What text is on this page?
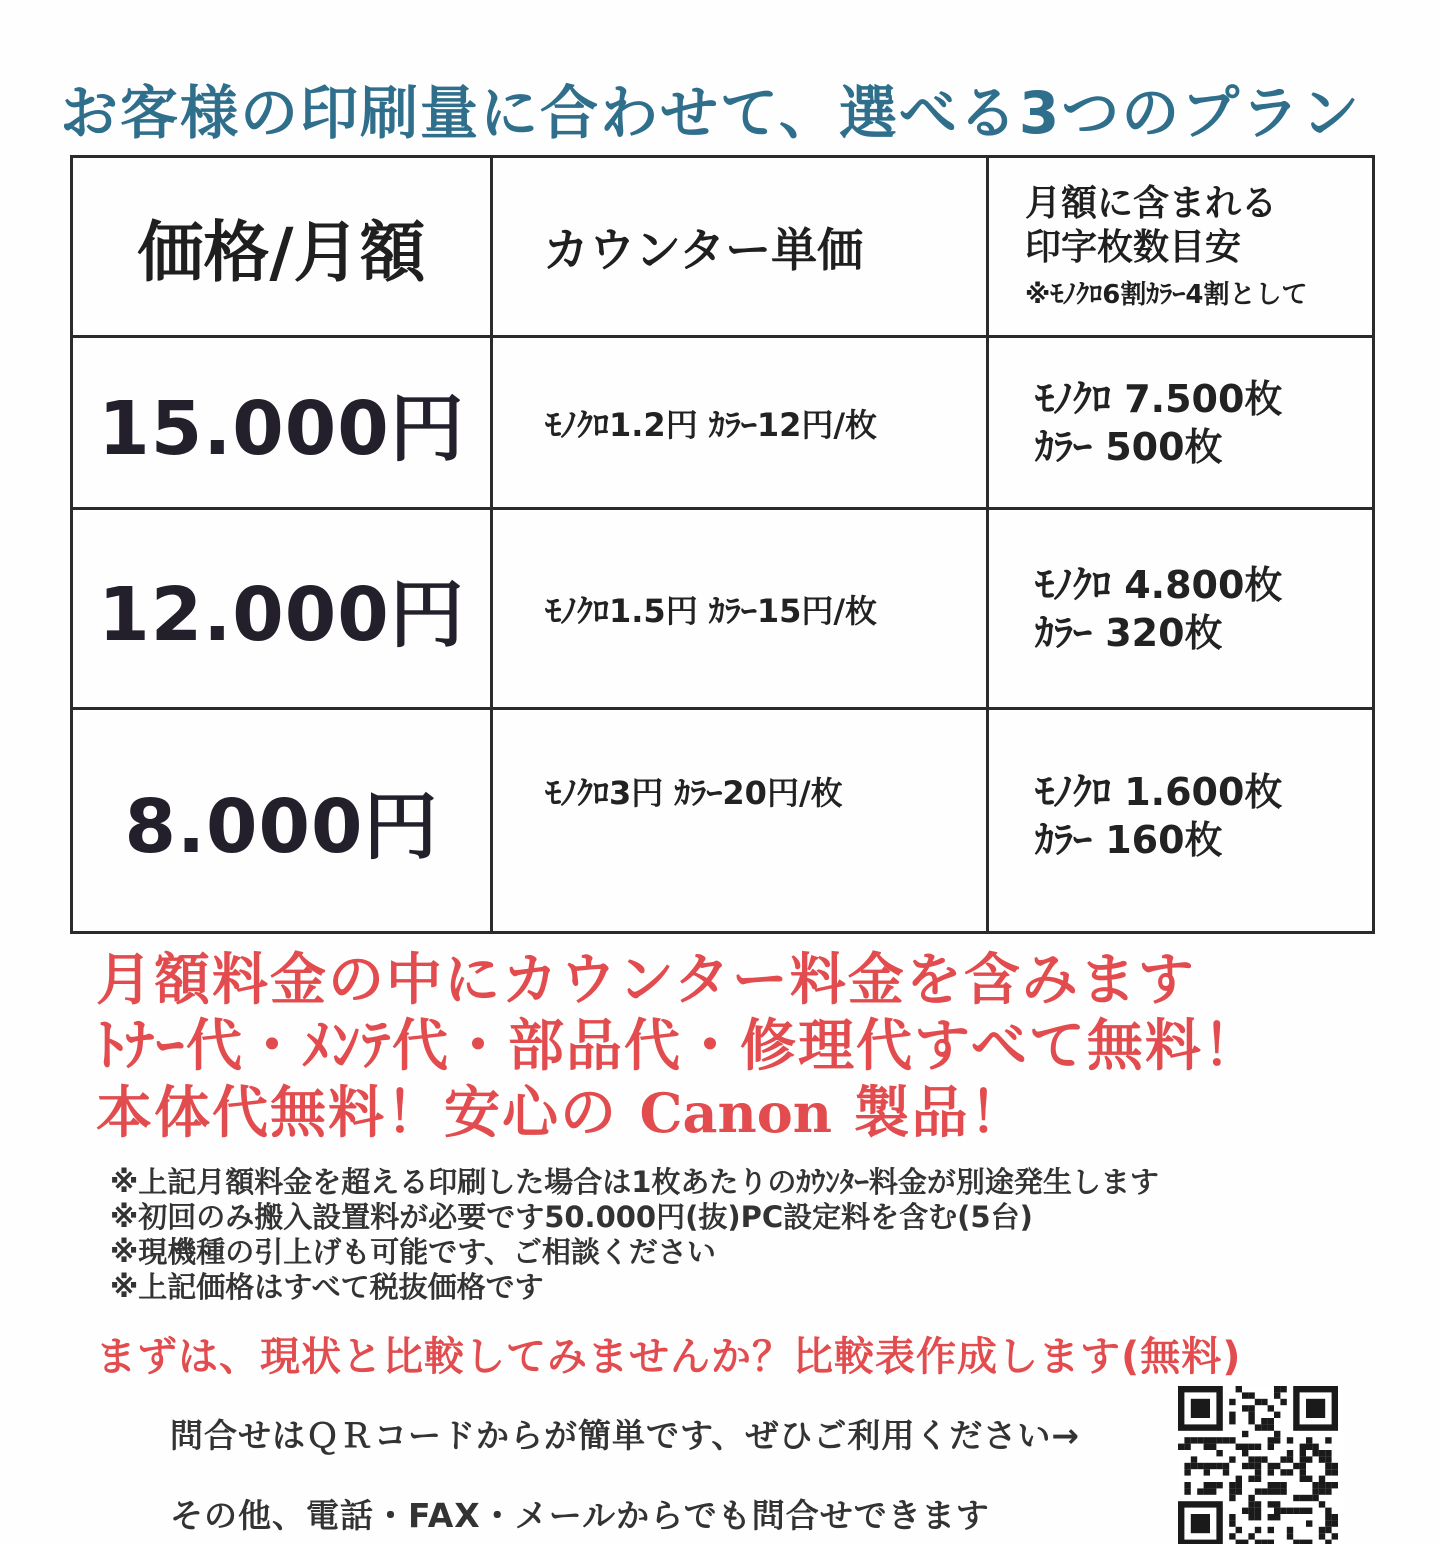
お客様の印刷量に合わせて、選べる3つのプラン
価格/月額	カウンター単価	月額に含まれる
印字枚数目安
※ﾓﾉｸﾛ6割ｶﾗｰ4割として

15.000円	ﾓﾉｸﾛ1.2円 ｶﾗｰ12円/枚	ﾓﾉｸﾛ 7.500枚
ｶﾗｰ 500枚

12.000円	ﾓﾉｸﾛ1.5円 ｶﾗｰ15円/枚	ﾓﾉｸﾛ 4.800枚
ｶﾗｰ 320枚

8.000円	ﾓﾉｸﾛ3円 ｶﾗｰ20円/枚	ﾓﾉｸﾛ 1.600枚
ｶﾗｰ 160枚
月額料金の中にカウンター料金を含みます
ﾄﾅｰ代・ﾒﾝﾃ代・部品代・修理代すべて無料！
本体代無料！安心の Canon 製品！
※上記月額料金を超える印刷した場合は1枚あたりのｶｳﾝﾀｰ料金が別途発生します
※初回のみ搬入設置料が必要です50.000円(抜)PC設定料を含む(5台)
※現機種の引上げも可能です、ご相談ください
※上記価格はすべて税抜価格です
まずは、現状と比較してみませんか？比較表作成します(無料)
問合せはＱＲコードからが簡単です、ぜひご利用ください→
その他、電話・FAX・メールからでも問合せできます
